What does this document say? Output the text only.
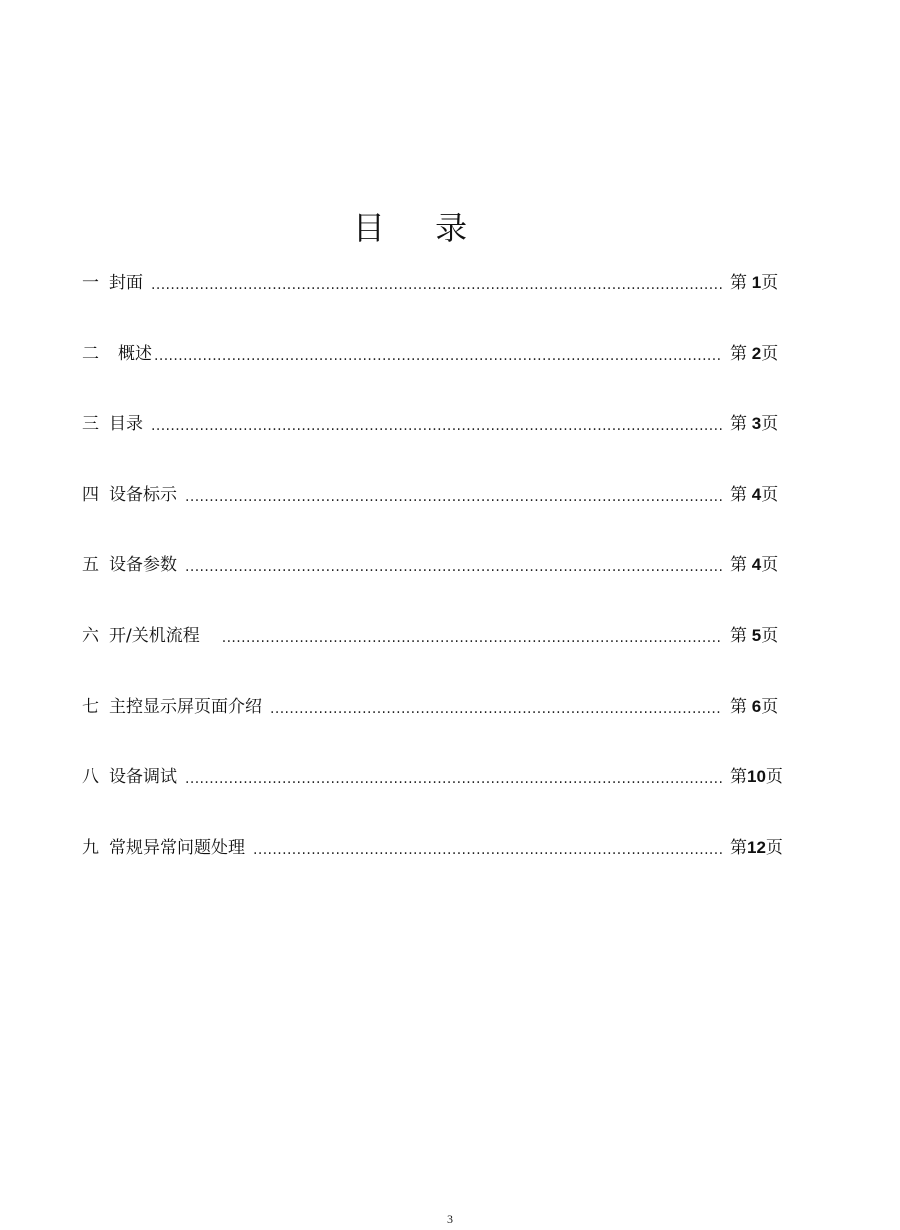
目 录
一 封面 .....	第 1页
二	概述 .....	第 2页
三 目录 .....	第 3页
四 设备标示 .....	第 4页
五 设备参数 .....	第 4页
六 开/关机流程 .....	第 5页
七 主控显示屏页面介绍 .....	第 6页
八 设备调试 .....	第10页
九 常规异常问题处理 .....	第12页
3
